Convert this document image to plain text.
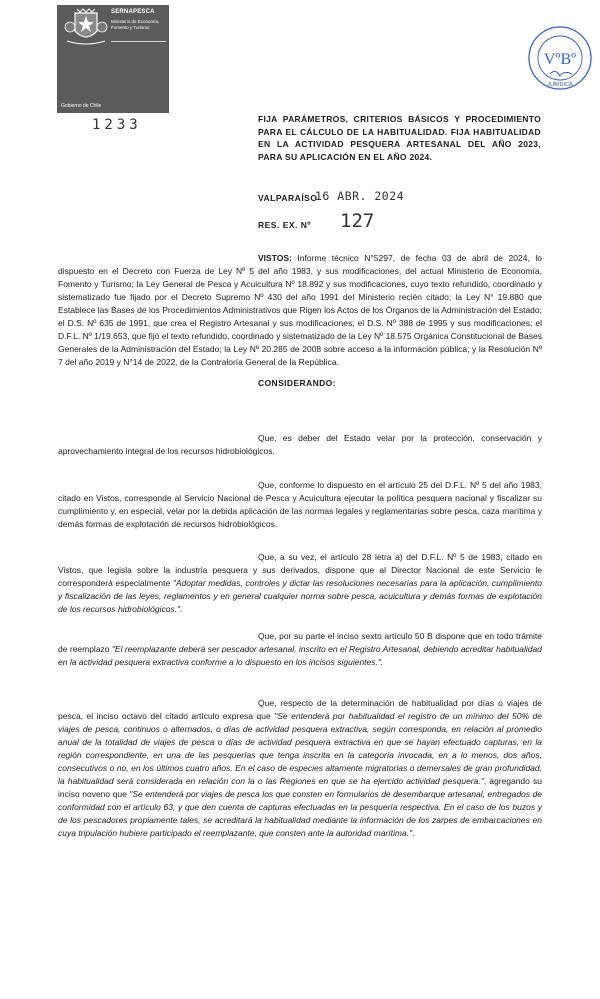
SERNAPESCA
Ministerio de Economía, Fomento y Turismo
Gobierno de Chile
VºBº
JURIDICA
1233	FIJA PARÁMETROS, CRITERIOS BÁSICOS Y PROCEDIMIENTO PARA EL CÁLCULO DE LA HABITUALIDAD. FIJA HABITUALIDAD EN LA ACTIVIDAD PESQUERA ARTESANAL DEL AÑO 2023, PARA SU APLICACIÓN EN EL AÑO 2024.

VALPARAÍSO
16 ABR. 2024
RES. EX. Nº 127

VISTOS: Informe técnico N°5297, de fecha 03 de abril de 2024, lo dispuesto en el Decreto con Fuerza de Ley Nº 5 del año 1983, y sus modificaciones, del actual Ministerio de Economía, Fomento y Turismo; la Ley General de Pesca y Acuicultura Nº 18.892 y sus modificaciones, cuyo texto refundido, coordinado y sistematizado fue fijado por el Decreto Supremo Nº 430 del año 1991 del Ministerio recién citado; la Ley N° 19.880 que Establece las Bases de los Procedimientos Administrativos que Rigen los Actos de los Órganos de la Administración del Estado; el D.S. Nº 635 de 1991, que crea el Registro Artesanal y sus modificaciones; el D.S. Nº 388 de 1995 y sus modificaciones; el D.F.L. Nº 1/19.653, que fijó el texto refundido, coordinado y sistematizado de la Ley Nº 18.575 Orgánica Constitucional de Bases Generales de la Administración del Estado; la Ley Nº 20.285 de 2008 sobre acceso a la información pública; y la Resolución Nº 7 del año 2019 y N°14 de 2022, de la Contraloría General de la República.

CONSIDERANDO:

Que, es deber del Estado velar por la protección, conservación y aprovechamiento integral de los recursos hidrobiológicos.

Que, conforme lo dispuesto en el artículo 25 del D.F.L. Nº 5 del año 1983, citado en Vistos, corresponde al Servicio Nacional de Pesca y Acuicultura ejecutar la política pesquera nacional y fiscalizar su cumplimiento y, en especial, velar por la debida aplicación de las normas legales y reglamentarias sobre pesca, caza marítima y demás formas de explotación de recursos hidrobiológicos.

Que, a su vez, el artículo 28 letra a) del D.F.L. Nº 5 de 1983, citado en Vistos, que legisla sobre la industria pesquera y sus derivados, dispone que al Director Nacional de este Servicio le corresponderá especialmente "Adoptar medidas, controles y dictar las resoluciones necesarias para la aplicación, cumplimiento y fiscalización de las leyes, reglamentos y en general cualquier norma sobre pesca, acuicultura y demás formas de explotación de los recursos hidrobiológicos.".

Que, por su parte el inciso sexto artículo 50 B dispone que en todo trámite de reemplazo "El reemplazante deberá ser pescador artesanal, inscrito en el Registro Artesanal, debiendo acreditar habitualidad en la actividad pesquera extractiva conforme a lo dispuesto en los incisos siguientes.".

Que, respecto de la determinación de habitualidad por días o viajes de pesca, el inciso octavo del citado artículo expresa que "Se entenderá por habitualidad el registro de un mínimo del 50% de viajes de pesca, continuos o alternados, o días de actividad pesquera extractiva, según corresponda, en relación al promedio anual de la totalidad de viajes de pesca o días de actividad pesquera extractiva en que se hayan efectuado capturas, en la región correspondiente, en una de las pesquerías que tenga inscrita en la categoría invocada, en a lo menos, dos años, consecutivos o no, en los últimos cuatro años. En el caso de especies altamente migratorias o demersales de gran profundidad, la habitualidad será considerada en relación con la o las Regiones en que se ha ejercido actividad pesquera.", agregando su inciso noveno que "Se entenderá por viajes de pesca los que consten en formularios de desembarque artesanal, entregados de conformidad con el artículo 63, y que den cuenta de capturas efectuadas en la pesquería respectiva. En el caso de los buzos y de los pescadores propiamente tales, se acreditará la habitualidad mediante la información de los zarpes de embarcaciones en cuya tripulación hubiere participado el reemplazante, que consten ante la autoridad marítima.".
